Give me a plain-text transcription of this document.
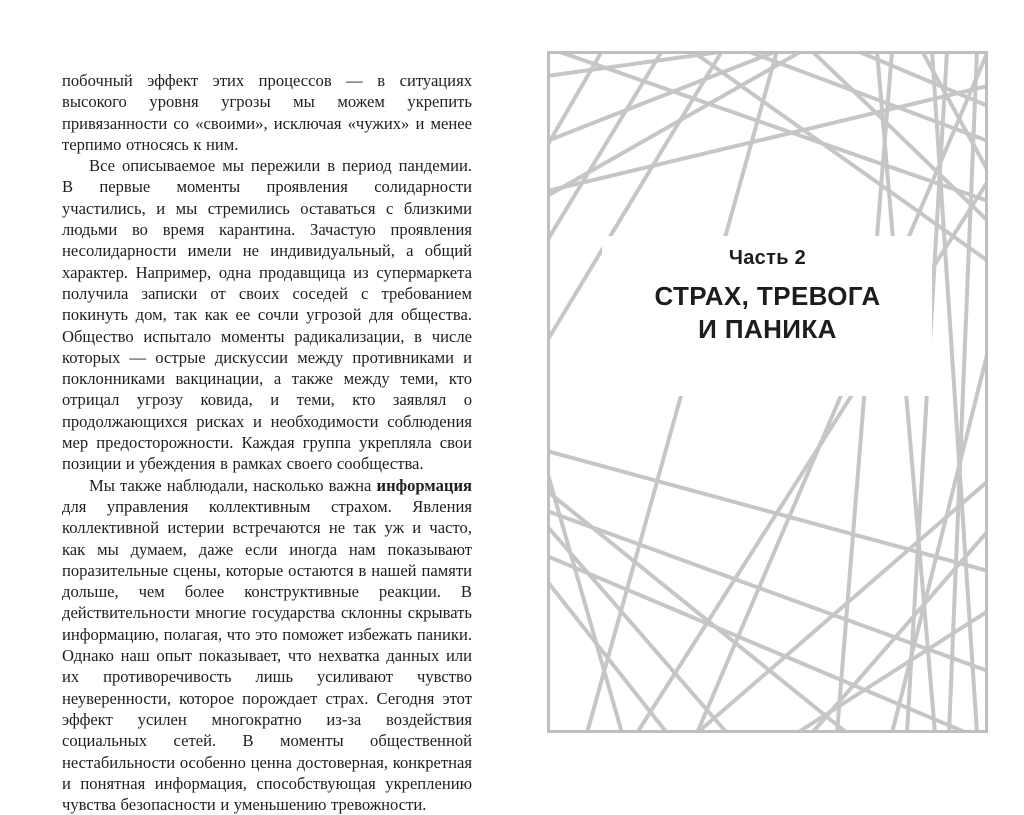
побочный эффект этих процессов — в ситуациях высокого уровня угрозы мы можем укрепить привязанности со «своими», исключая «чужих» и менее терпимо относясь к ним.

Все описываемое мы пережили в период пандемии. В первые моменты проявления солидарности участились, и мы стремились оставаться с близкими людьми во время карантина. Зачастую проявления несолидарности имели не индивидуальный, а общий характер. Например, одна продавщица из супермаркета получила записки от своих соседей с требованием покинуть дом, так как ее сочли угрозой для общества. Общество испытало моменты радикализации, в числе которых — острые дискуссии между противниками и поклонниками вакцинации, а также между теми, кто отрицал угрозу ковида, и теми, кто заявлял о продолжающихся рисках и необходимости соблюдения мер предосторожности. Каждая группа укрепляла свои позиции и убеждения в рамках своего сообщества.

Мы также наблюдали, насколько важна информация для управления коллективным страхом. Явления коллективной истерии встречаются не так уж и часто, как мы думаем, даже если иногда нам показывают поразительные сцены, которые остаются в нашей памяти дольше, чем более конструктивные реакции. В действительности многие государства склонны скрывать информацию, полагая, что это поможет избежать паники. Однако наш опыт показывает, что нехватка данных или их противоречивость лишь усиливают чувство неуверенности, которое порождает страх. Сегодня этот эффект усилен многократно из-за воздействия социальных сетей. В моменты общественной нестабильности особенно ценна достоверная, конкретная и понятная информация, способствующая укреплению чувства безопасности и уменьшению тревожности.

Часть 2
СТРАХ, ТРЕВОГА
И ПАНИКА
